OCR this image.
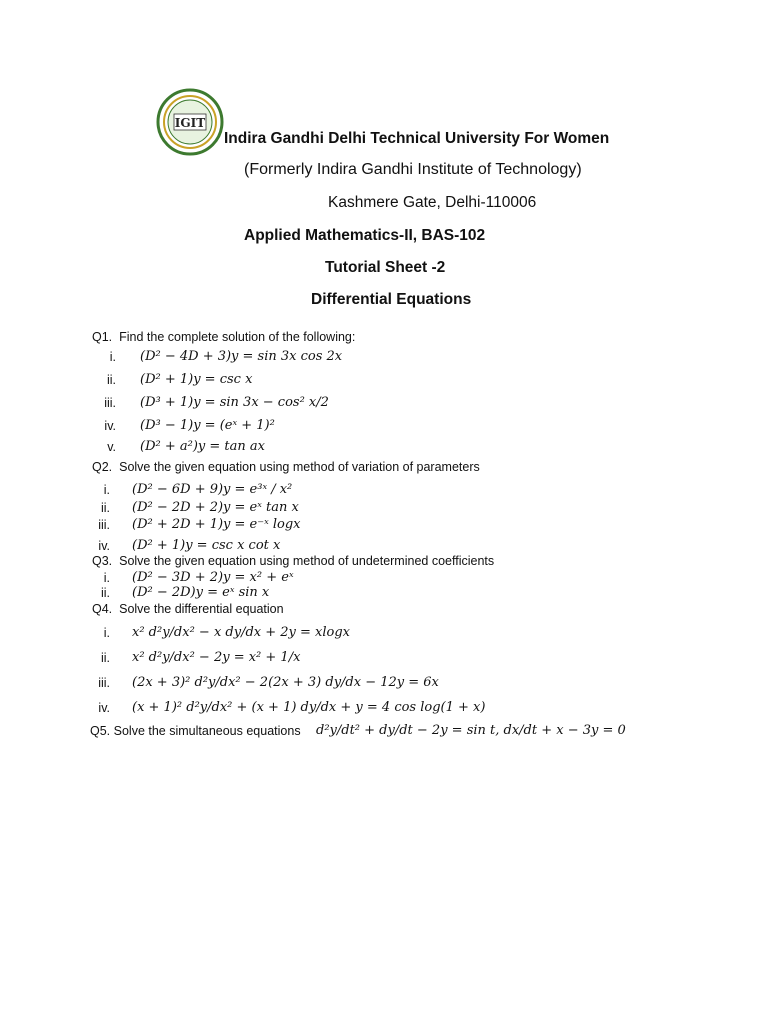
IGIT
Indira Gandhi Delhi Technical University For Women
(Formerly Indira Gandhi Institute of Technology)
Kashmere Gate, Delhi-110006
Applied Mathematics-II, BAS-102
Tutorial Sheet -2
Differential Equations
Q1. Find the complete solution of the following:
i. (D² − 4D + 3)y = sin 3x cos 2x
ii. (D² + 1)y = csc x
iii. (D³ + 1)y = sin 3x − cos² x/2
iv. (D³ − 1)y = (eˣ + 1)²
v. (D² + a²)y = tan ax
Q2. Solve the given equation using method of variation of parameters
i. (D² − 6D + 9)y = e³ˣ / x²
ii. (D² − 2D + 2)y = eˣ tan x
iii. (D² + 2D + 1)y = e⁻ˣ logx
iv. (D² + 1)y = csc x cot x
Q3. Solve the given equation using method of undetermined coefficients
i. (D² − 3D + 2)y = x² + eˣ
ii. (D² − 2D)y = eˣ sin x
Q4. Solve the differential equation
i. x² d²y/dx² − x dy/dx + 2y = xlogx
ii. x² d²y/dx² − 2y = x² + 1/x
iii. (2x + 3)² d²y/dx² − 2(2x + 3) dy/dx − 12y = 6x
iv. (x + 1)² d²y/dx² + (x + 1) dy/dx + y = 4 cos log(1 + x)
Q5. Solve the simultaneous equations d²y/dt² + dy/dt − 2y = sin t, dx/dt + x − 3y = 0
